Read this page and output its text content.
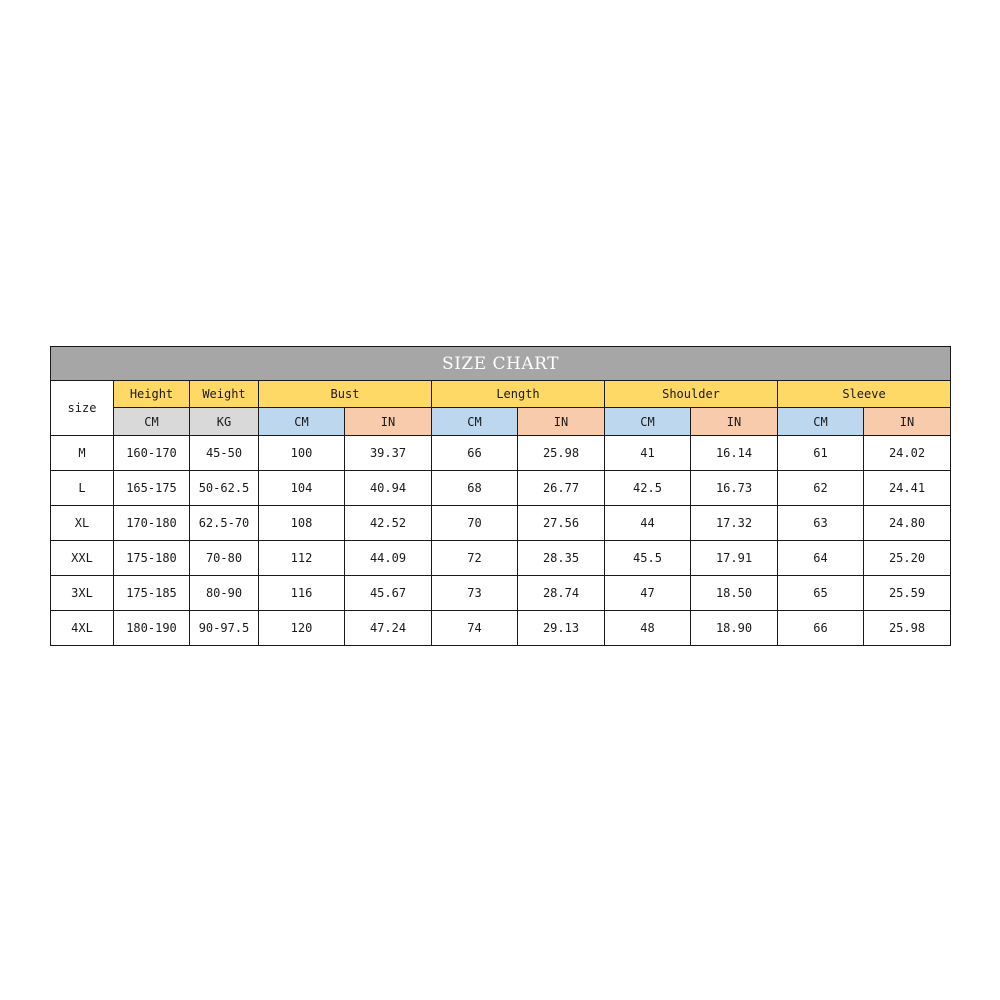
SIZE CHART										
size	Height	Weight	Bust		Length		Shoulder		Sleeve	
	CM	KG	CM	IN	CM	IN	CM	IN	CM	IN
M	160-170	45-50	100	39.37	66	25.98	41	16.14	61	24.02
L	165-175	50-62.5	104	40.94	68	26.77	42.5	16.73	62	24.41
XL	170-180	62.5-70	108	42.52	70	27.56	44	17.32	63	24.80
XXL	175-180	70-80	112	44.09	72	28.35	45.5	17.91	64	25.20
3XL	175-185	80-90	116	45.67	73	28.74	47	18.50	65	25.59
4XL	180-190	90-97.5	120	47.24	74	29.13	48	18.90	66	25.98
